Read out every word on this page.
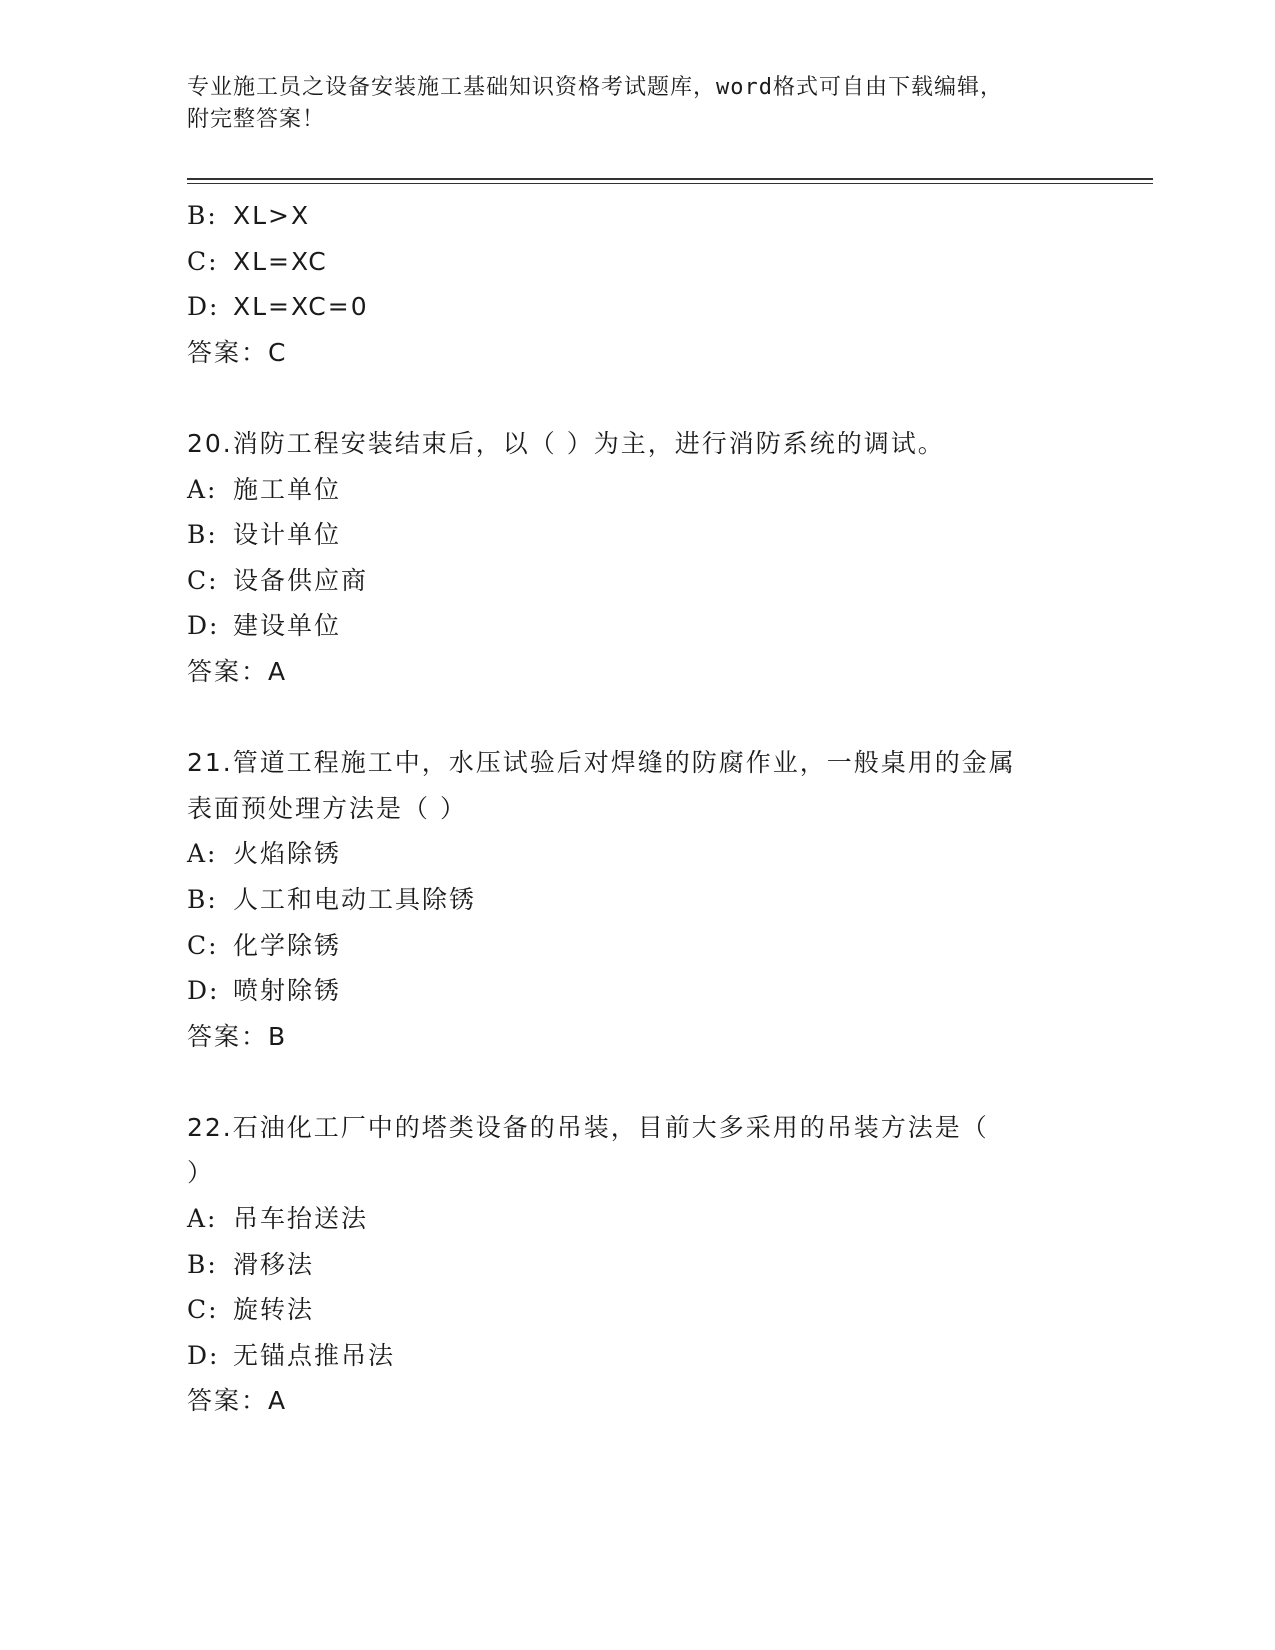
专业施工员之设备安装施工基础知识资格考试题库，word格式可自由下载编辑，
附完整答案！
B: XL>X
C: XL=XC
D: XL=XC=0
答案：C
20.消防工程安装结束后，以（ ）为主，进行消防系统的调试。
A: 施工单位
B: 设计单位
C: 设备供应商
D: 建设单位
答案：A
21.管道工程施工中，水压试验后对焊缝的防腐作业，一般桌用的金属
表面预处理方法是（ ）
A: 火焰除锈
B: 人工和电动工具除锈
C: 化学除锈
D: 喷射除锈
答案：B
22.石油化工厂中的塔类设备的吊装，目前大多采用的吊装方法是（
）
A: 吊车抬送法
B: 滑移法
C: 旋转法
D: 无锚点推吊法
答案：A
